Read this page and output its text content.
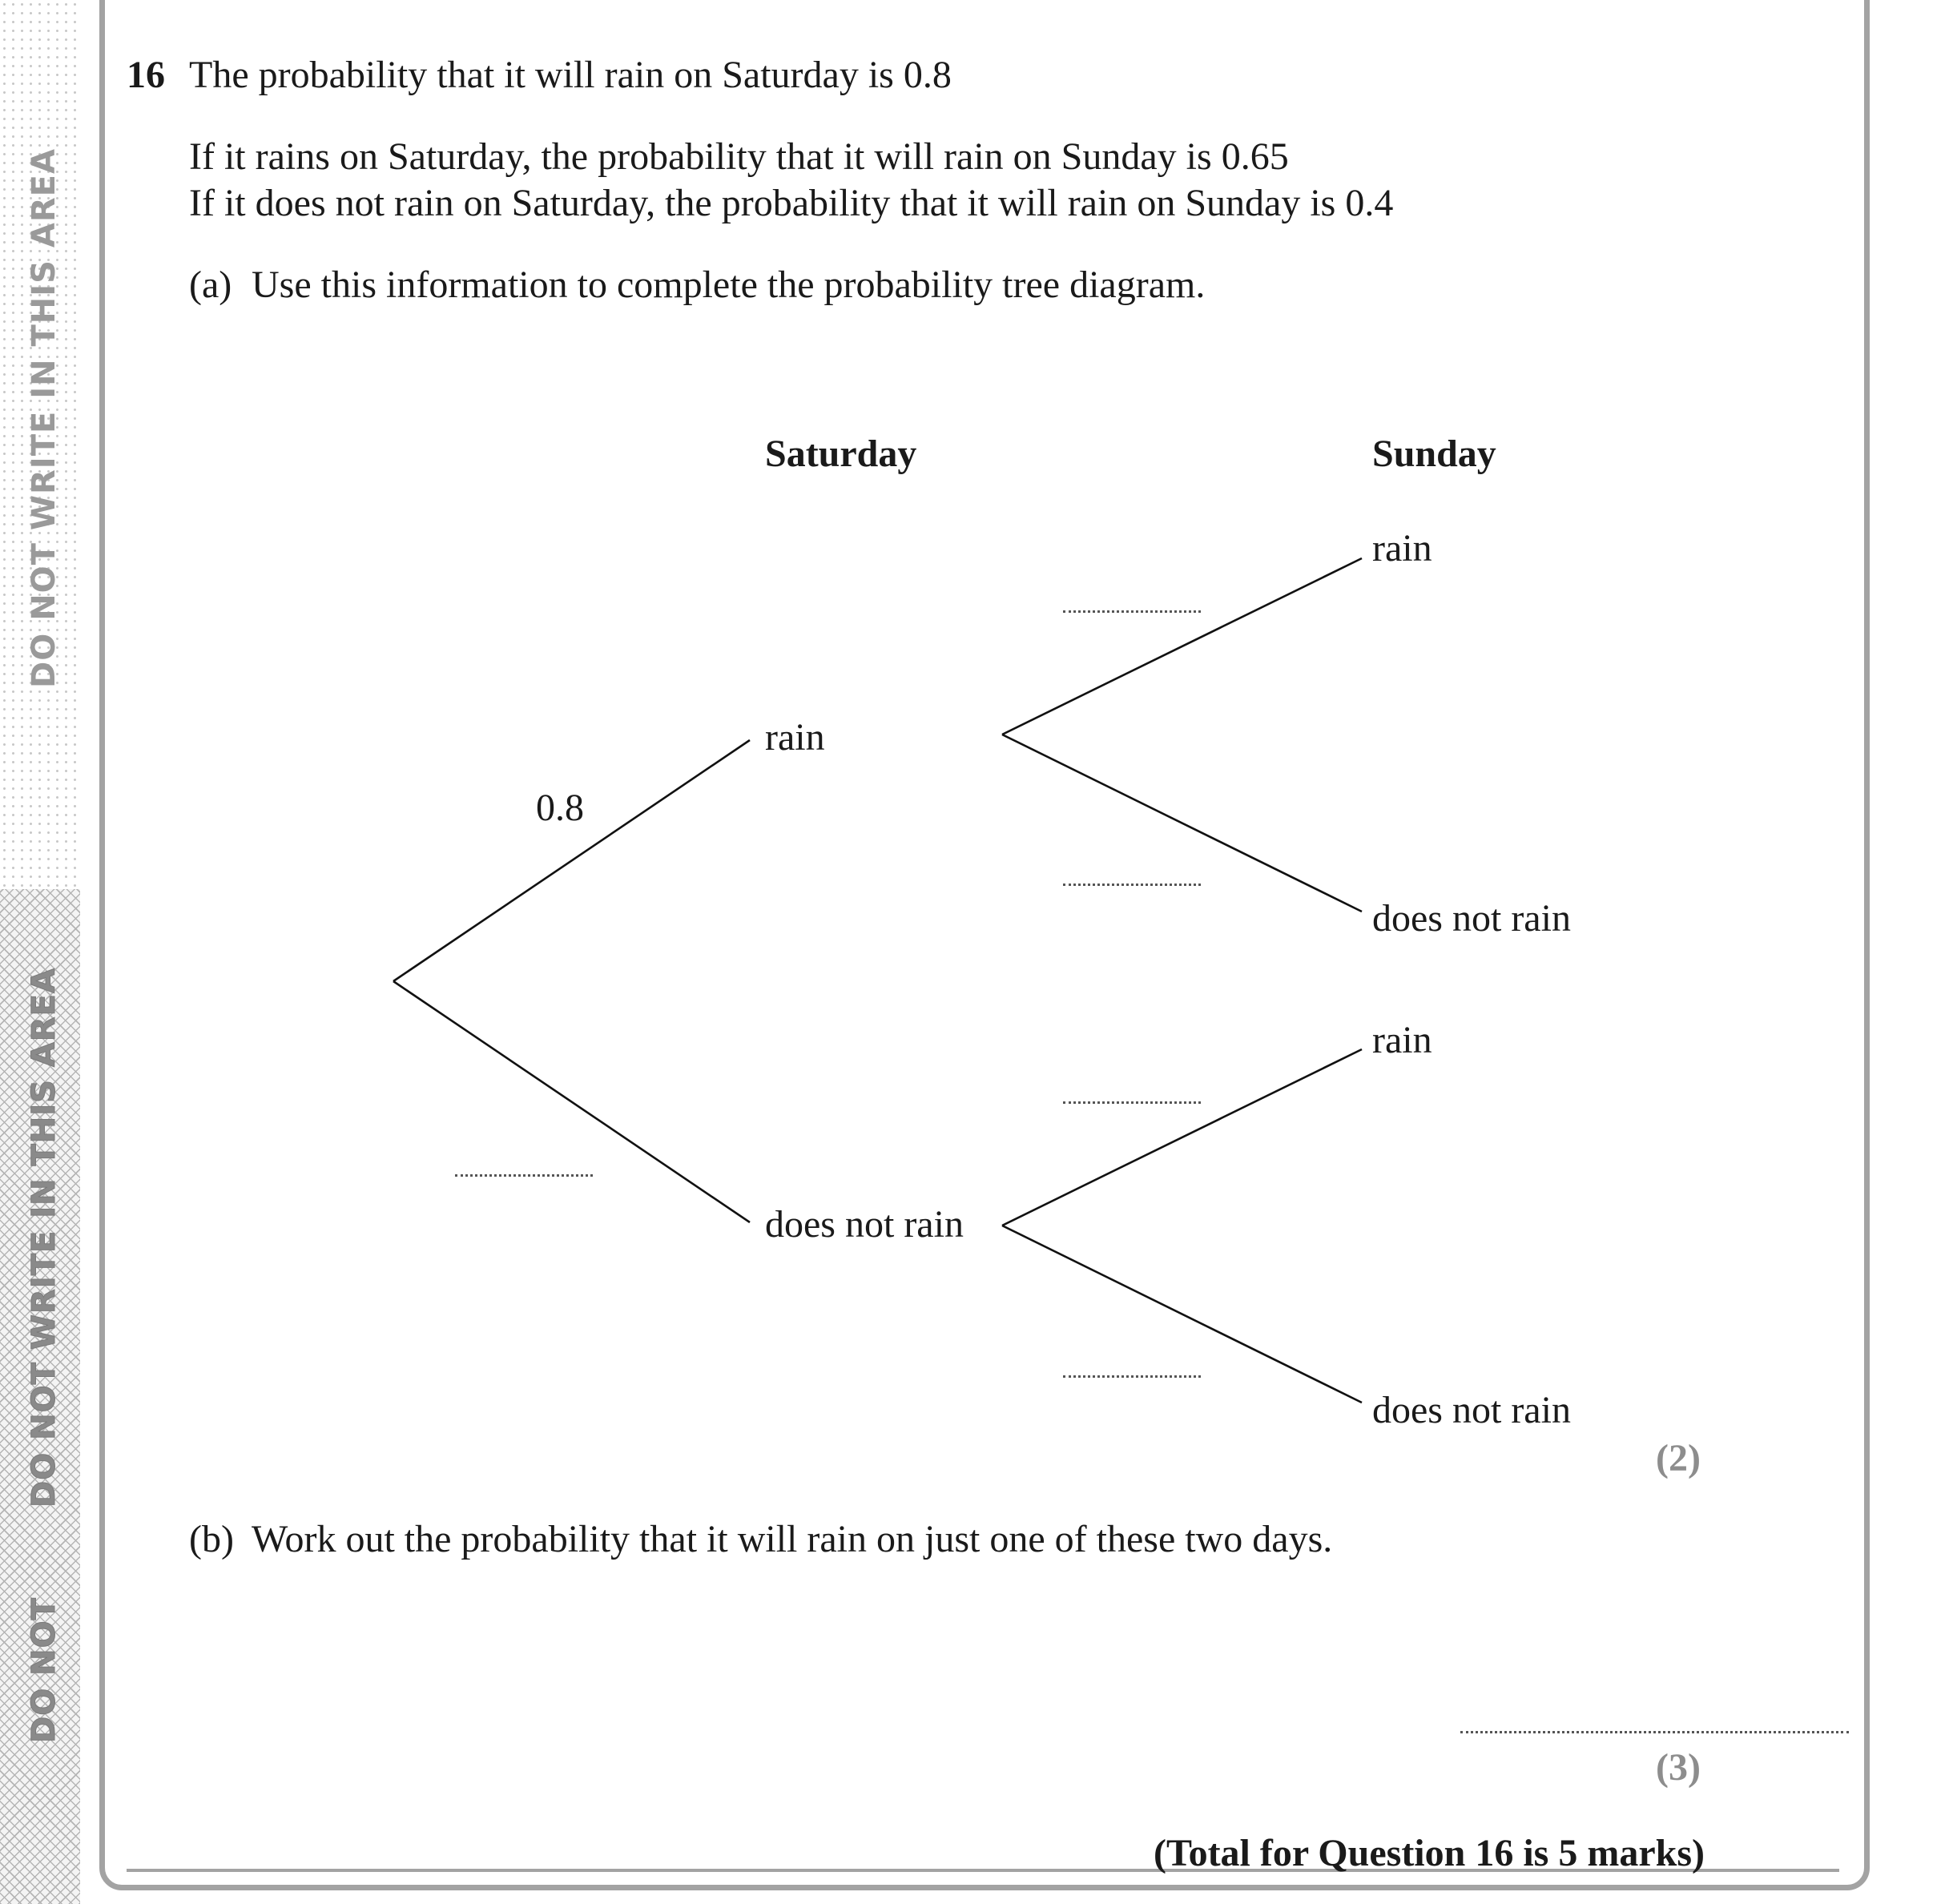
DO NOT WRITE IN THIS AREA
DO NOT WRITE IN THIS AREA
DO NOT
16 The probability that it will rain on Saturday is 0.8
If it rains on Saturday, the probability that it will rain on Sunday is 0.65
If it does not rain on Saturday, the probability that it will rain on Sunday is 0.4
(a) Use this information to complete the probability tree diagram.
Saturday	Sunday
0.8
rain
does not rain
rain
does not rain
rain
does not rain
(2)
(b) Work out the probability that it will rain on just one of these two days.
(3)
(Total for Question 16 is 5 marks)
